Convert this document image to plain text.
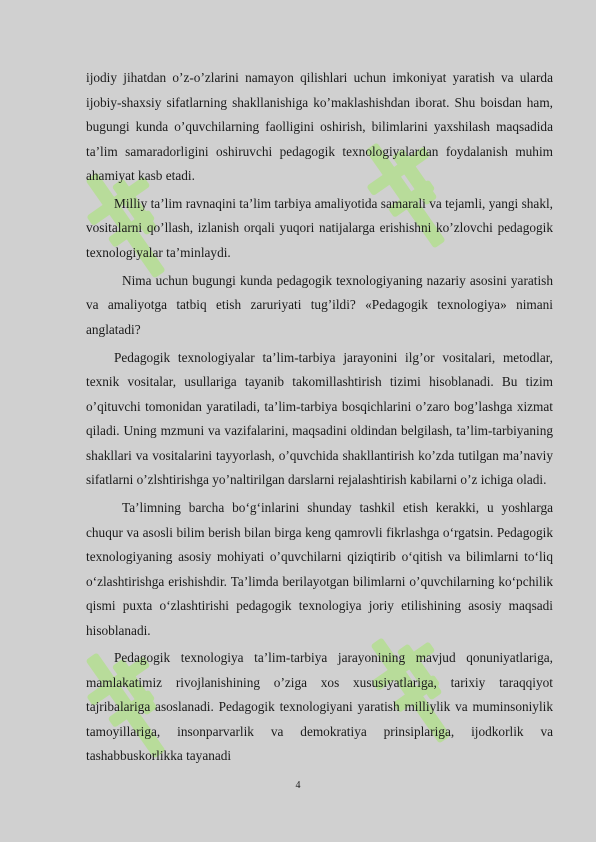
ijodiy jihatdan o’z-o’zlarini namayon qilishlari uchun imkoniyat yaratish va ularda ijobiy-shaxsiy sifatlarning shakllanishiga ko’maklashishdan iborat. Shu boisdan ham, bugungi kunda o’quvchilarning faolligini oshirish, bilimlarini yaxshilash maqsadida ta’lim samaradorligini oshiruvchi pedagogik texnologiyalardan foydalanish muhim ahamiyat kasb etadi.

Milliy ta’lim ravnaqini ta’lim tarbiya amaliyotida samarali va tejamli, yangi shakl, vositalarni qo’llash, izlanish orqali yuqori natijalarga erishishni ko’zlovchi pedagogik texnologiyalar ta’minlaydi.

Nima uchun bugungi kunda pedagogik texnologiyaning nazariy asosini yaratish va amaliyotga tatbiq etish zaruriyati tug’ildi? «Pedagogik texnologiya» nimani anglatadi?

Pedagogik texnologiyalar ta’lim-tarbiya jarayonini ilg’or vositalari, metodlar, texnik vositalar, usullariga tayanib takomillashtirish tizimi hisoblanadi. Bu tizim o’qituvchi tomonidan yaratiladi, ta’lim-tarbiya bosqichlarini o’zaro bog’lashga xizmat qiladi. Uning mzmuni va vazifalarini, maqsadini oldindan belgilash, ta’lim-tarbiyaning shakllari va vositalarini tayyorlash, o’quvchida shakllantirish ko’zda tutilgan ma’naviy sifatlarni o’zlshtirishga yo’naltirilgan darslarni rejalashtirish kabilarni o’z ichiga oladi.

Ta’limning barcha bo‘g‘inlarini shunday tashkil etish kerakki, u yoshlarga chuqur va asosli bilim berish bilan birga keng qamrovli fikrlashga o‘rgatsin. Pedagogik texnologiyaning asosiy mohiyati o’quvchilarni qiziqtirib o‘qitish va bilimlarni to‘liq o‘zlashtirishga erishishdir. Ta’limda berilayotgan bilimlarni o’quvchilarning ko‘pchilik qismi puxta o‘zlashtirishi pedagogik texnologiya joriy etilishining asosiy maqsadi hisoblanadi.

Pedagogik texnologiya ta’lim-tarbiya jarayonining mavjud qonuniyatlariga, mamlakatimiz rivojlanishining o’ziga xos xususiyatlariga, tarixiy taraqqiyot tajribalariga asoslanadi. Pedagogik texnologiyani yaratish milliylik va muminsoniylik tamoyillariga, insonparvarlik va demokratiya prinsiplariga, ijodkorlik va tashabbuskorlikka tayanadi

4
